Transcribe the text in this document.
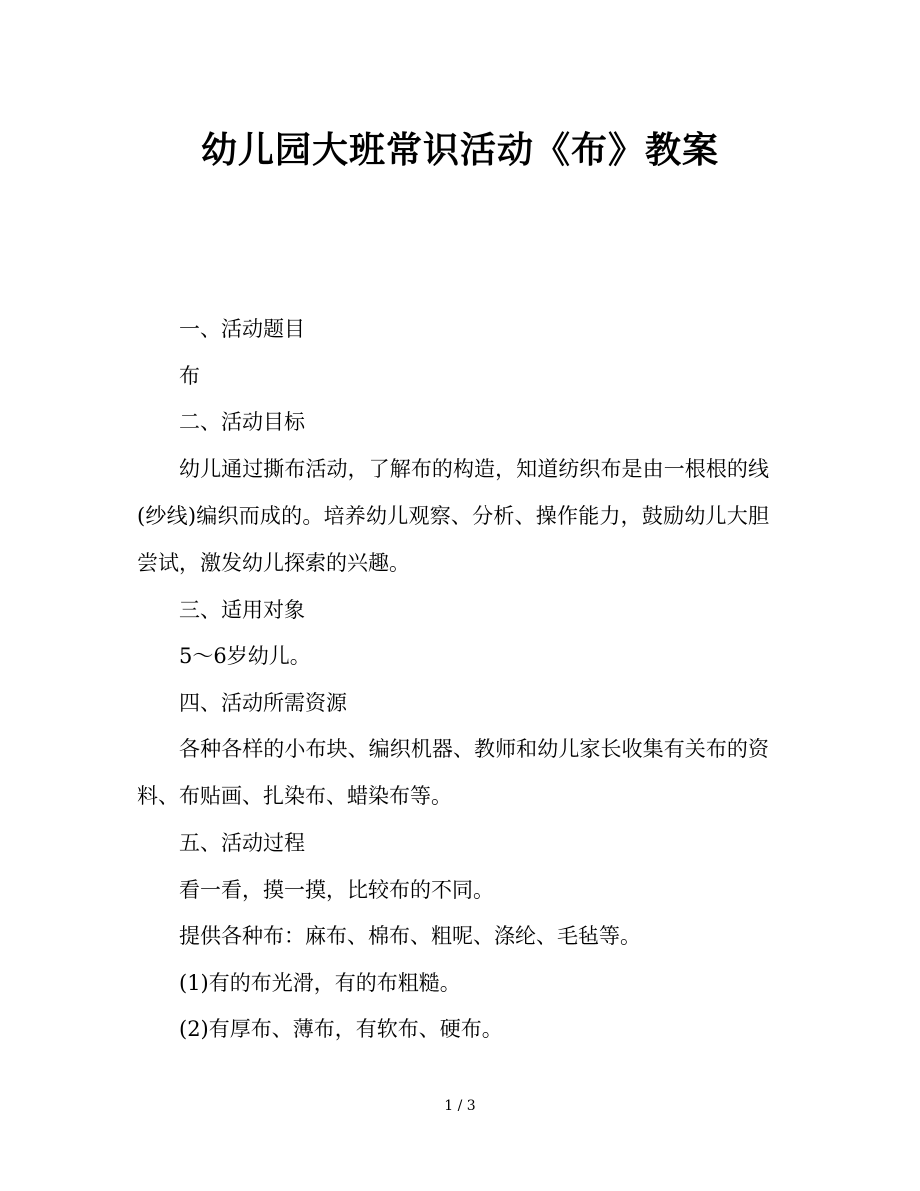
幼儿园大班常识活动《布》教案

一、活动题目

布

二、活动目标

幼儿通过撕布活动，了解布的构造，知道纺织布是由一根根的线(纱线)编织而成的。培养幼儿观察、分析、操作能力，鼓励幼儿大胆尝试，激发幼儿探索的兴趣。

三、适用对象

5～6岁幼儿。

四、活动所需资源

各种各样的小布块、编织机器、教师和幼儿家长收集有关布的资料、布贴画、扎染布、蜡染布等。

五、活动过程

看一看，摸一摸，比较布的不同。

提供各种布：麻布、棉布、粗呢、涤纶、毛毡等。

(1)有的布光滑，有的布粗糙。

(2)有厚布、薄布，有软布、硬布。

1 / 3
